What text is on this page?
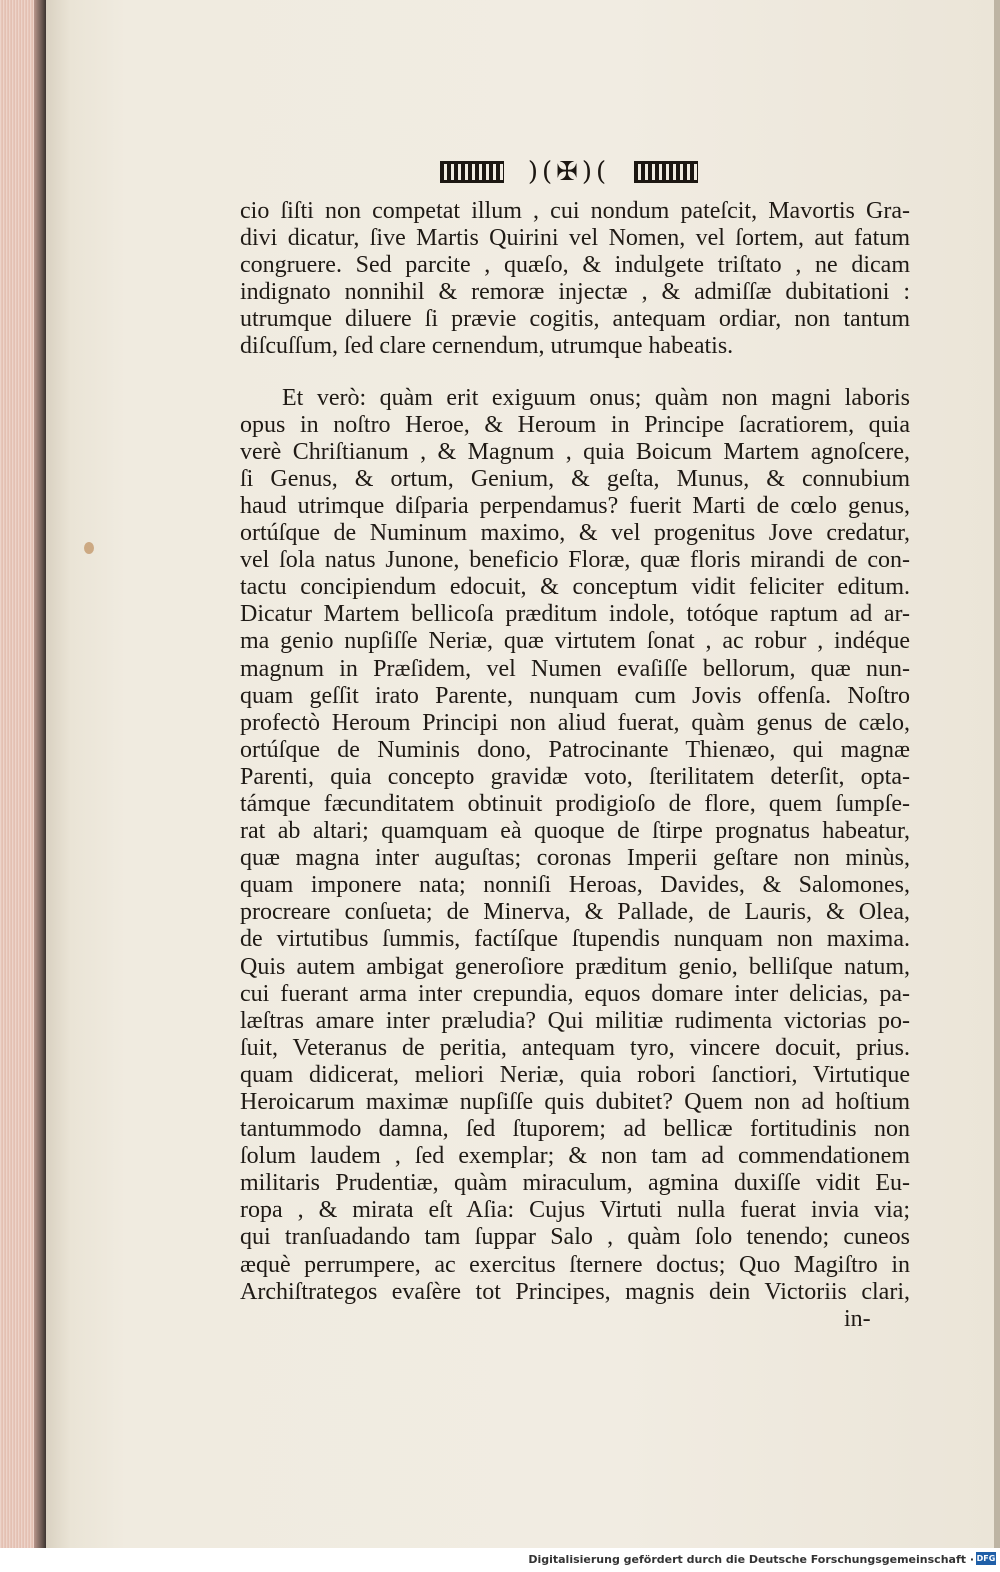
)(✠)(
cio ſiſti non competat illum , cui nondum pateſcit, Mavortis Gra-
divi dicatur, ſive Martis Quirini vel Nomen, vel ſortem, aut fatum
congruere. Sed parcite , quæſo, & indulgete triſtato , ne dicam
indignato nonnihil & remoræ injectæ , & admiſſæ dubitationi :
utrumque diluere ſi prævie cogitis, antequam ordiar, non tantum
diſcuſſum, ſed clare cernendum, utrumque habeatis.
Et verò: quàm erit exiguum onus; quàm non magni laboris
opus in noſtro Heroe, & Heroum in Principe ſacratiorem, quia
verè Chriſtianum , & Magnum , quia Boicum Martem agnoſcere,
ſi Genus, & ortum, Genium, & geſta, Munus, & connubium
haud utrimque diſparia perpendamus? fuerit Marti de cœlo genus,
ortúſque de Numinum maximo, & vel progenitus Jove credatur,
vel ſola natus Junone, beneficio Floræ, quæ floris mirandi de con-
tactu concipiendum edocuit, & conceptum vidit feliciter editum.
Dicatur Martem bellicoſa præditum indole, totóque raptum ad ar-
ma genio nupſiſſe Neriæ, quæ virtutem ſonat , ac robur , indéque
magnum in Præſidem, vel Numen evaſiſſe bellorum, quæ nun-
quam geſſit irato Parente, nunquam cum Jovis offenſa. Noſtro
profectò Heroum Principi non aliud fuerat, quàm genus de cælo,
ortúſque de Numinis dono, Patrocinante Thienæo, qui magnæ
Parenti, quia concepto gravidæ voto, ſterilitatem deterſit, opta-
támque fæcunditatem obtinuit prodigioſo de flore, quem ſumpſe-
rat ab altari; quamquam eà quoque de ſtirpe prognatus habeatur,
quæ magna inter auguſtas; coronas Imperii geſtare non minùs,
quam imponere nata; nonniſi Heroas, Davides, & Salomones,
procreare conſueta; de Minerva, & Pallade, de Lauris, & Olea,
de virtutibus ſummis, factíſque ſtupendis nunquam non maxima.
Quis autem ambigat generoſiore præditum genio, belliſque natum,
cui fuerant arma inter crepundia, equos domare inter delicias, pa-
læſtras amare inter præludia? Qui militiæ rudimenta victorias po-
ſuit, Veteranus de peritia, antequam tyro, vincere docuit, prius.
quam didicerat, meliori Neriæ, quia robori ſanctiori, Virtutique
Heroicarum maximæ nupſiſſe quis dubitet? Quem non ad hoſtium
tantummodo damna, ſed ſtuporem; ad bellicæ fortitudinis non
ſolum laudem , ſed exemplar; & non tam ad commendationem
militaris Prudentiæ, quàm miraculum, agmina duxiſſe vidit Eu-
ropa , & mirata eſt Aſia: Cujus Virtuti nulla fuerat invia via;
qui tranſuadando tam ſuppar Salo , quàm ſolo tenendo; cuneos
æquè perrumpere, ac exercitus ſternere doctus; Quo Magiſtro in
Archiſtrategos evaſère tot Principes, magnis dein Victoriis clari,
in-
Digitalisierung gefördert durch die Deutsche Forschungsgemeinschaft · DFG
